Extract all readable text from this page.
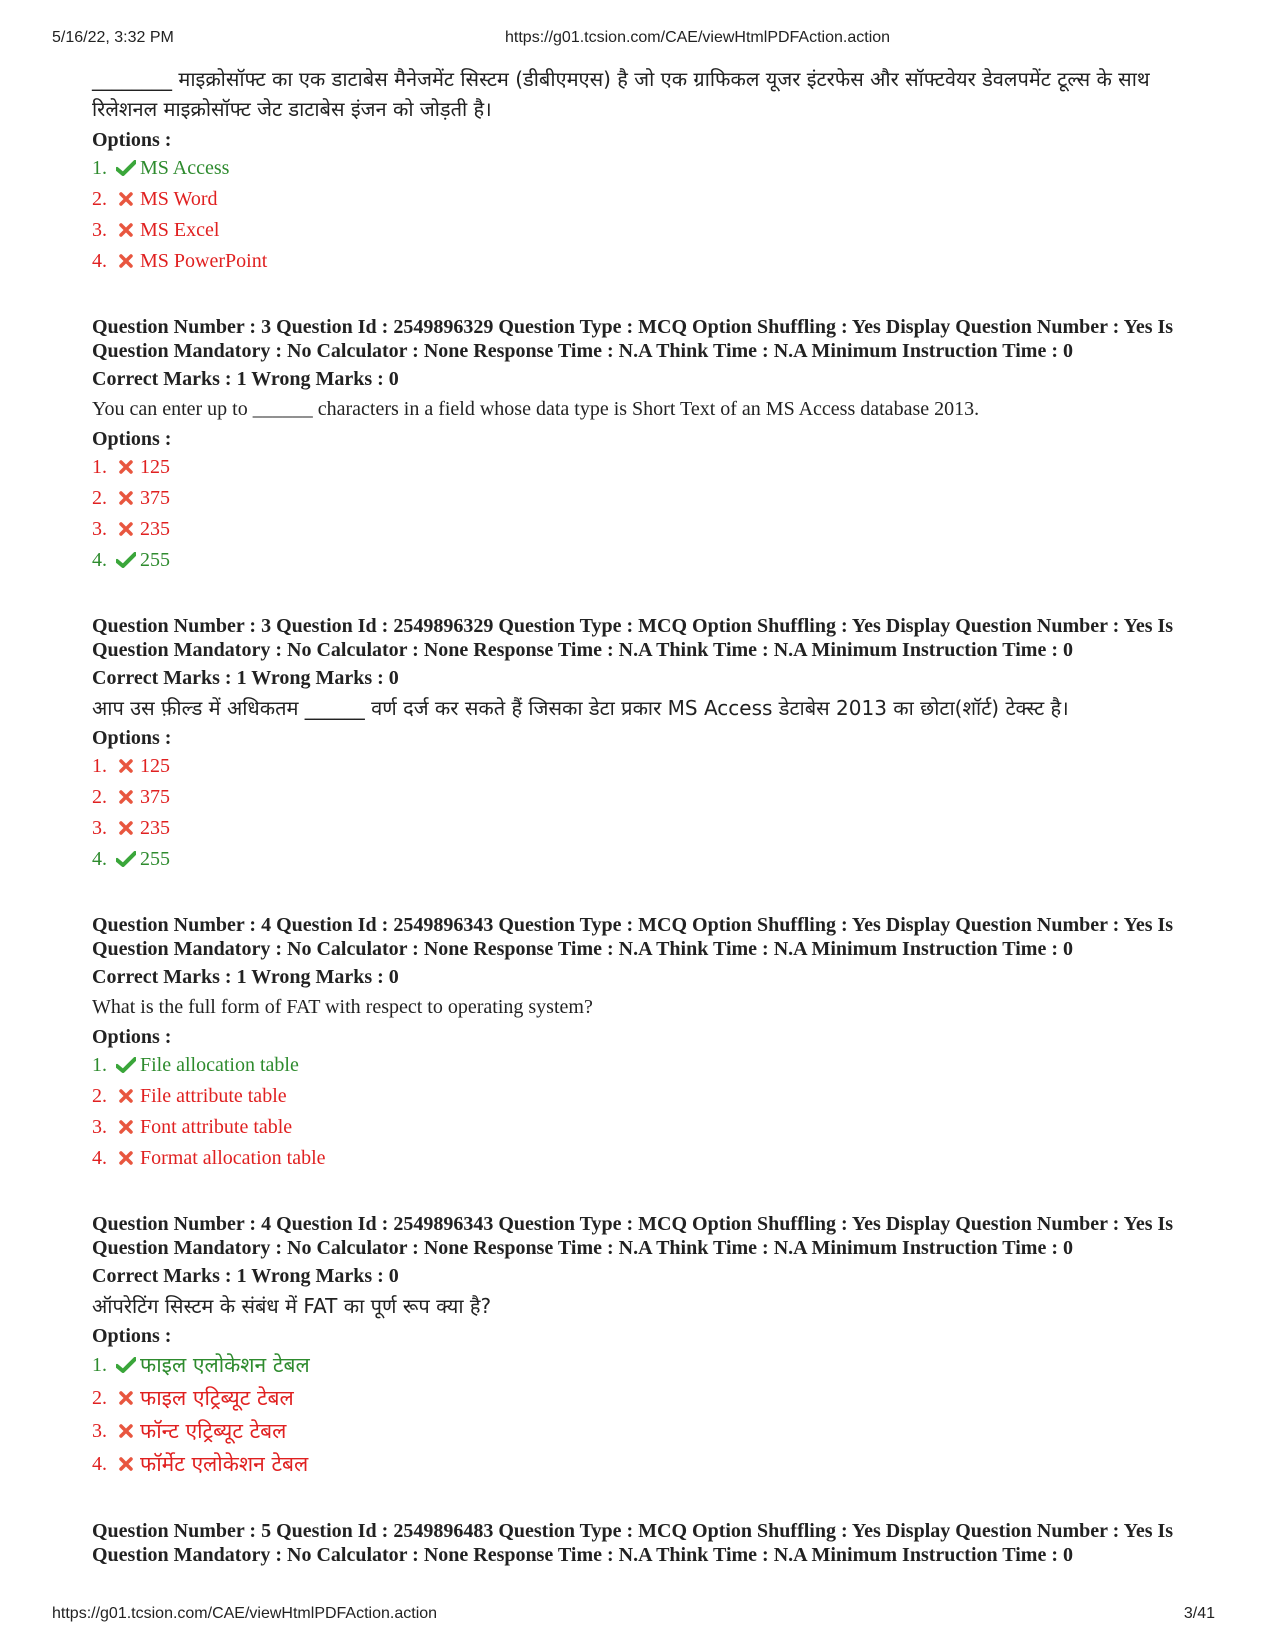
5/16/22, 3:32 PM	https://g01.tcsion.com/CAE/viewHtmlPDFAction.action

________ माइक्रोसॉफ्ट का एक डाटाबेस मैनेजमेंट सिस्टम (डीबीएमएस) है जो एक ग्राफिकल यूजर इंटरफेस और सॉफ्टवेयर डेवलपमेंट टूल्स के साथ रिलेशनल माइक्रोसॉफ्ट जेट डाटाबेस इंजन को जोड़ती है।

Options :
1.	MS Access
2.	MS Word
3.	MS Excel
4.	MS PowerPoint

Question Number : 3 Question Id : 2549896329 Question Type : MCQ Option Shuffling : Yes Display Question Number : Yes Is Question Mandatory : No Calculator : None Response Time : N.A Think Time : N.A Minimum Instruction Time : 0

Correct Marks : 1 Wrong Marks : 0

You can enter up to ______ characters in a field whose data type is Short Text of an MS Access database 2013.

Options :
1.	125
2.	375
3.	235
4.	255

Question Number : 3 Question Id : 2549896329 Question Type : MCQ Option Shuffling : Yes Display Question Number : Yes Is Question Mandatory : No Calculator : None Response Time : N.A Think Time : N.A Minimum Instruction Time : 0

Correct Marks : 1 Wrong Marks : 0

आप उस फ़ील्ड में अधिकतम ______ वर्ण दर्ज कर सकते हैं जिसका डेटा प्रकार MS Access डेटाबेस 2013 का छोटा(शॉर्ट) टेक्स्ट है।

Options :
1.	125
2.	375
3.	235
4.	255

Question Number : 4 Question Id : 2549896343 Question Type : MCQ Option Shuffling : Yes Display Question Number : Yes Is Question Mandatory : No Calculator : None Response Time : N.A Think Time : N.A Minimum Instruction Time : 0

Correct Marks : 1 Wrong Marks : 0

What is the full form of FAT with respect to operating system?

Options :
1.	File allocation table
2.	File attribute table
3.	Font attribute table
4.	Format allocation table

Question Number : 4 Question Id : 2549896343 Question Type : MCQ Option Shuffling : Yes Display Question Number : Yes Is Question Mandatory : No Calculator : None Response Time : N.A Think Time : N.A Minimum Instruction Time : 0

Correct Marks : 1 Wrong Marks : 0

ऑपरेटिंग सिस्टम के संबंध में FAT का पूर्ण रूप क्या है?

Options :
1.	फाइल एलोकेशन टेबल
2.	फाइल एट्रिब्यूट टेबल
3.	फॉन्ट एट्रिब्यूट टेबल
4.	फॉर्मेट एलोकेशन टेबल

Question Number : 5 Question Id : 2549896483 Question Type : MCQ Option Shuffling : Yes Display Question Number : Yes Is Question Mandatory : No Calculator : None Response Time : N.A Think Time : N.A Minimum Instruction Time : 0

https://g01.tcsion.com/CAE/viewHtmlPDFAction.action	3/41
